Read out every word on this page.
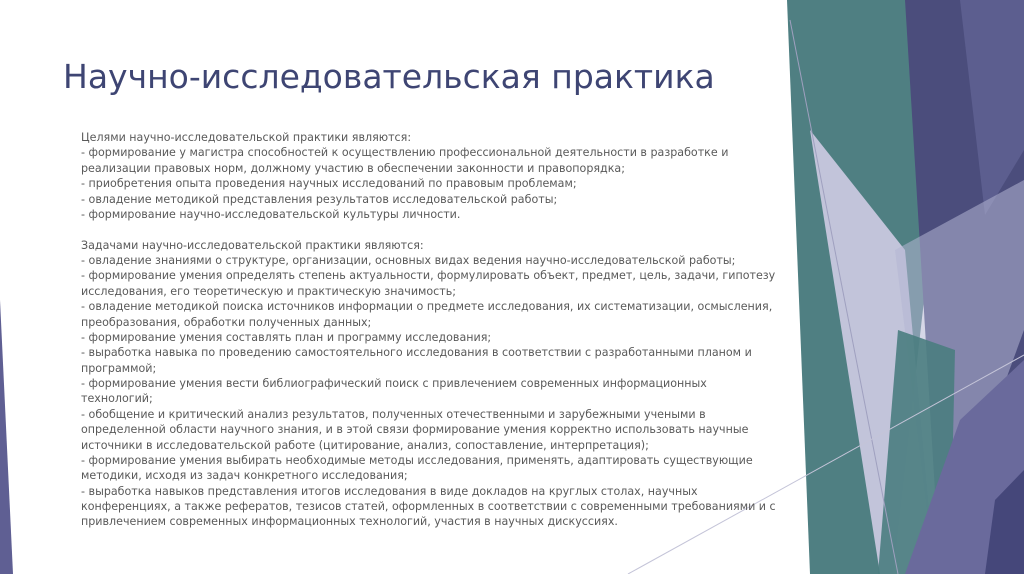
Научно-исследовательская практика
Целями научно-исследовательской практики являются:
- формирование у магистра способностей к осуществлению профессиональной деятельности в разработке и
реализации правовых норм, должному участию в обеспечении законности и правопорядка;
- приобретения опыта проведения научных исследований по правовым проблемам;
- овладение методикой представления результатов исследовательской работы;
- формирование научно-исследовательской культуры личности.
Задачами научно-исследовательской практики являются:
- овладение знаниями о структуре, организации, основных видах ведения научно-исследовательской работы;
- формирование умения определять степень актуальности, формулировать объект, предмет, цель, задачи, гипотезу
исследования, его теоретическую и практическую значимость;
- овладение методикой поиска источников информации о предмете исследования, их систематизации, осмысления,
преобразования, обработки полученных данных;
- формирование умения составлять план и программу исследования;
- выработка навыка по проведению самостоятельного исследования в соответствии с разработанными планом и
программой;
- формирование умения вести библиографический поиск с привлечением современных информационных
технологий;
- обобщение и критический анализ результатов, полученных отечественными и зарубежными учеными в
определенной области научного знания, и в этой связи формирование умения корректно использовать научные
источники в исследовательской работе (цитирование, анализ, сопоставление, интерпретация);
- формирование умения выбирать необходимые методы исследования, применять, адаптировать существующие
методики, исходя из задач конкретного исследования;
- выработка навыков представления итогов исследования в виде докладов на круглых столах, научных
конференциях, а также рефератов, тезисов статей, оформленных в соответствии с современными требованиями и с
привлечением современных информационных технологий, участия в научных дискуссиях.
